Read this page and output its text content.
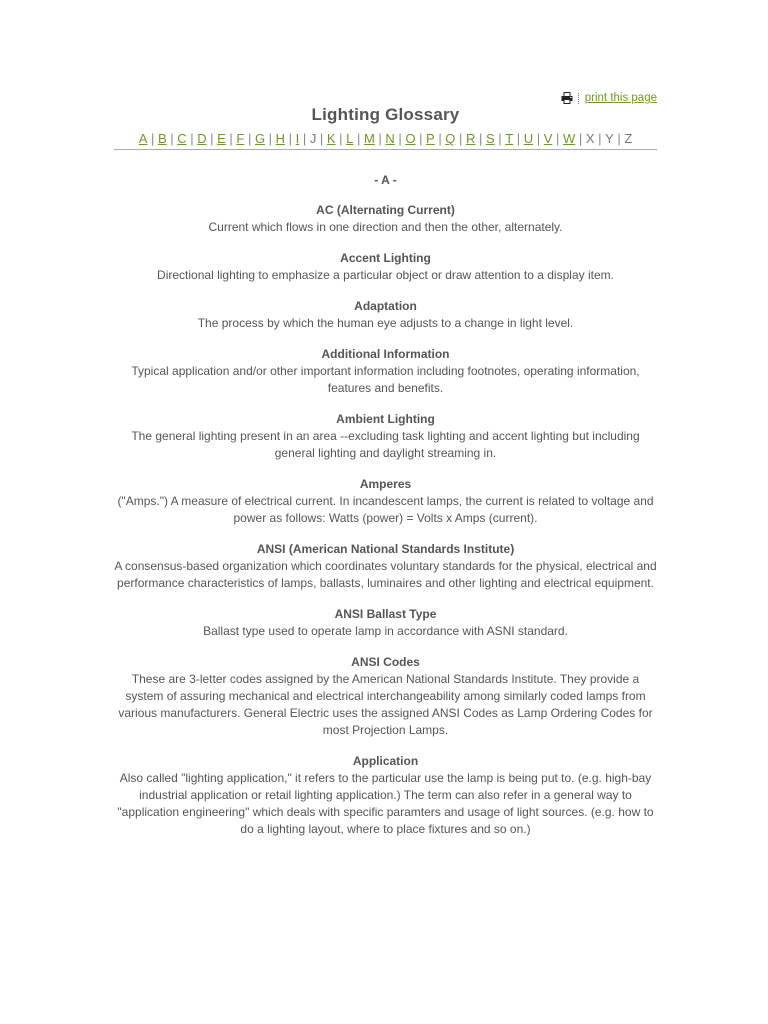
print this page
Lighting Glossary
A | B | C | D | E | F | G | H | I | J | K | L | M | N | O | P | Q | R | S | T | U | V | W | X | Y | Z
- A -
AC (Alternating Current)
Current which flows in one direction and then the other, alternately.
Accent Lighting
Directional lighting to emphasize a particular object or draw attention to a display item.
Adaptation
The process by which the human eye adjusts to a change in light level.
Additional Information
Typical application and/or other important information including footnotes, operating information, features and benefits.
Ambient Lighting
The general lighting present in an area --excluding task lighting and accent lighting but including general lighting and daylight streaming in.
Amperes
("Amps.") A measure of electrical current. In incandescent lamps, the current is related to voltage and power as follows: Watts (power) = Volts x Amps (current).
ANSI (American National Standards Institute)
A consensus-based organization which coordinates voluntary standards for the physical, electrical and performance characteristics of lamps, ballasts, luminaires and other lighting and electrical equipment.
ANSI Ballast Type
Ballast type used to operate lamp in accordance with ASNI standard.
ANSI Codes
These are 3-letter codes assigned by the American National Standards Institute. They provide a system of assuring mechanical and electrical interchangeability among similarly coded lamps from various manufacturers. General Electric uses the assigned ANSI Codes as Lamp Ordering Codes for most Projection Lamps.
Application
Also called "lighting application," it refers to the particular use the lamp is being put to. (e.g. high-bay industrial application or retail lighting application.) The term can also refer in a general way to "application engineering" which deals with specific paramters and usage of light sources. (e.g. how to do a lighting layout, where to place fixtures and so on.)
